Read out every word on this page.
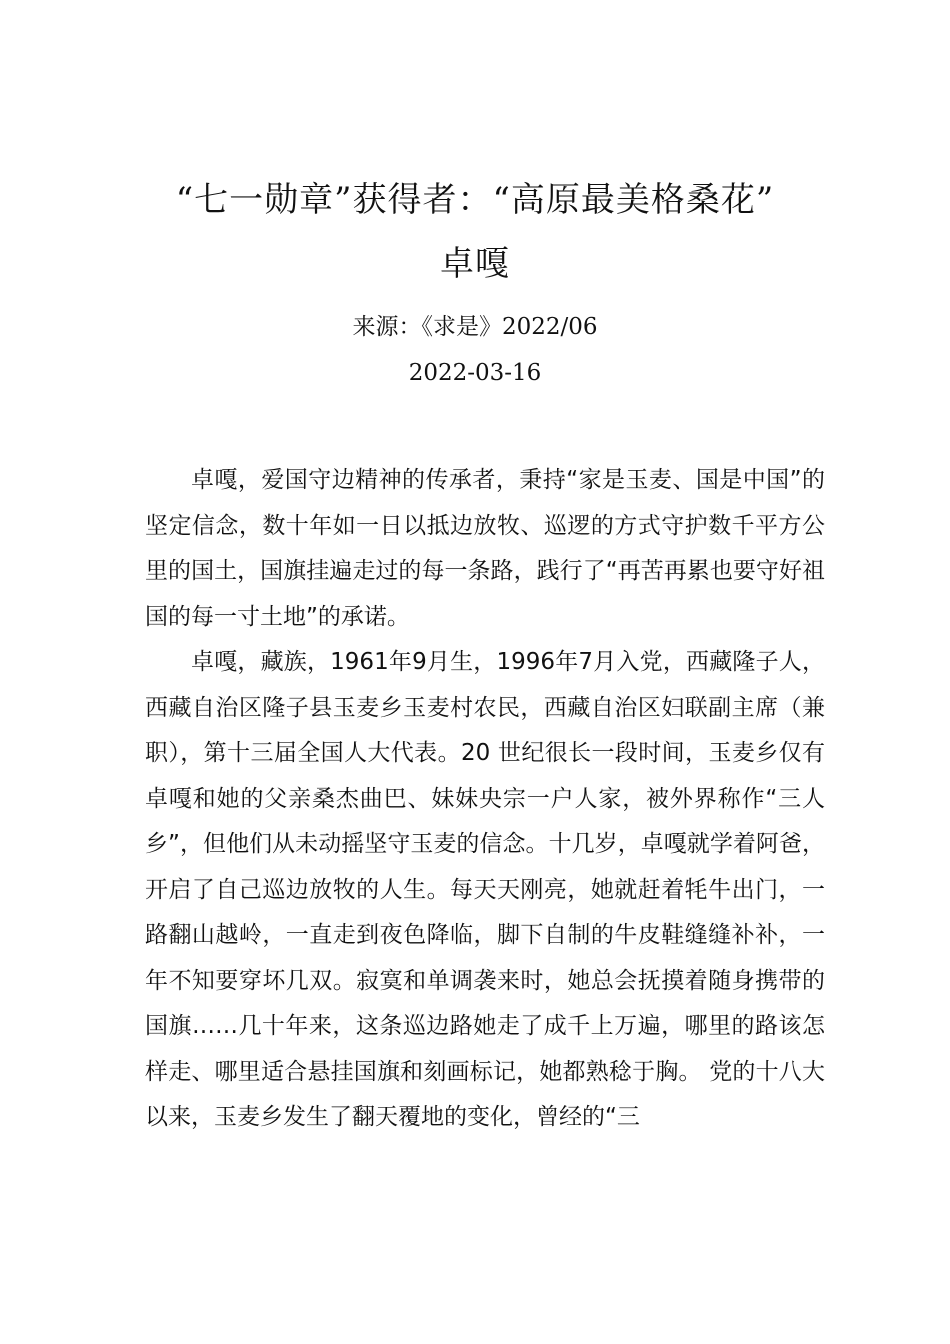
“七一勋章”获得者：“高原最美格桑花”
卓嘎
来源：《求是》2022/06
2022-03-16

卓嘎，爱国守边精神的传承者，秉持“家是玉麦、国是中国”的坚定信念，数十年如一日以抵边放牧、巡逻的方式守护数千平方公里的国土，国旗挂遍走过的每一条路，践行了“再苦再累也要守好祖国的每一寸土地”的承诺。

卓嘎，藏族，1961年9月生，1996年7月入党，西藏隆子人，西藏自治区隆子县玉麦乡玉麦村农民，西藏自治区妇联副主席（兼职），第十三届全国人大代表。20 世纪很长一段时间，玉麦乡仅有卓嘎和她的父亲桑杰曲巴、妹妹央宗一户人家，被外界称作“三人乡”，但他们从未动摇坚守玉麦的信念。十几岁，卓嘎就学着阿爸，开启了自己巡边放牧的人生。每天天刚亮，她就赶着牦牛出门，一路翻山越岭，一直走到夜色降临，脚下自制的牛皮鞋缝缝补补，一年不知要穿坏几双。寂寞和单调袭来时，她总会抚摸着随身携带的国旗……几十年来，这条巡边路她走了成千上万遍，哪里的路该怎样走、哪里适合悬挂国旗和刻画标记，她都熟稔于胸。 党的十八大以来，玉麦乡发生了翻天覆地的变化，曾经的“三
